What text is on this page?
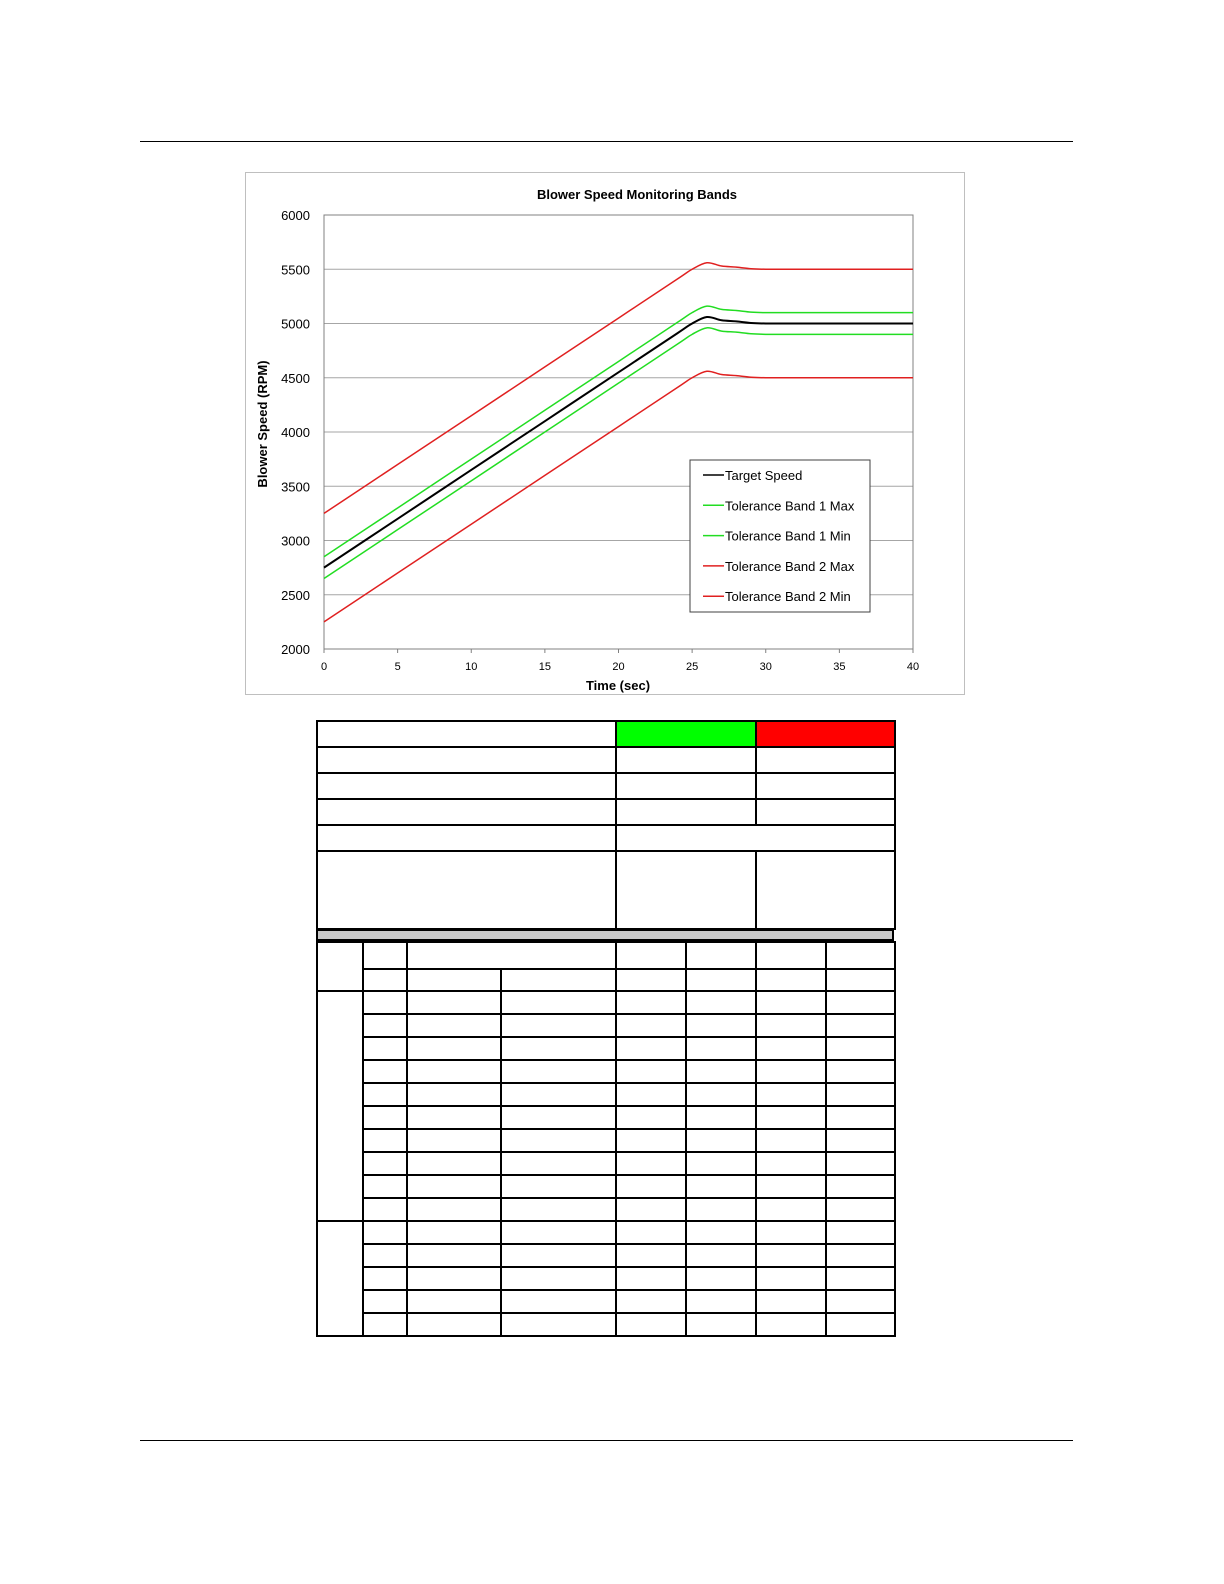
Blower Speed Monitoring Bands
2000
2500
3000
3500
4000
4500
5000
5500
6000
0	5	10	15	20	25	30	35	40
Time (sec)
Blower Speed (RPM)	Target Speed
Tolerance Band 1 Max
Tolerance Band 1 Min
Tolerance Band 2 Max
Tolerance Band 2 Min
